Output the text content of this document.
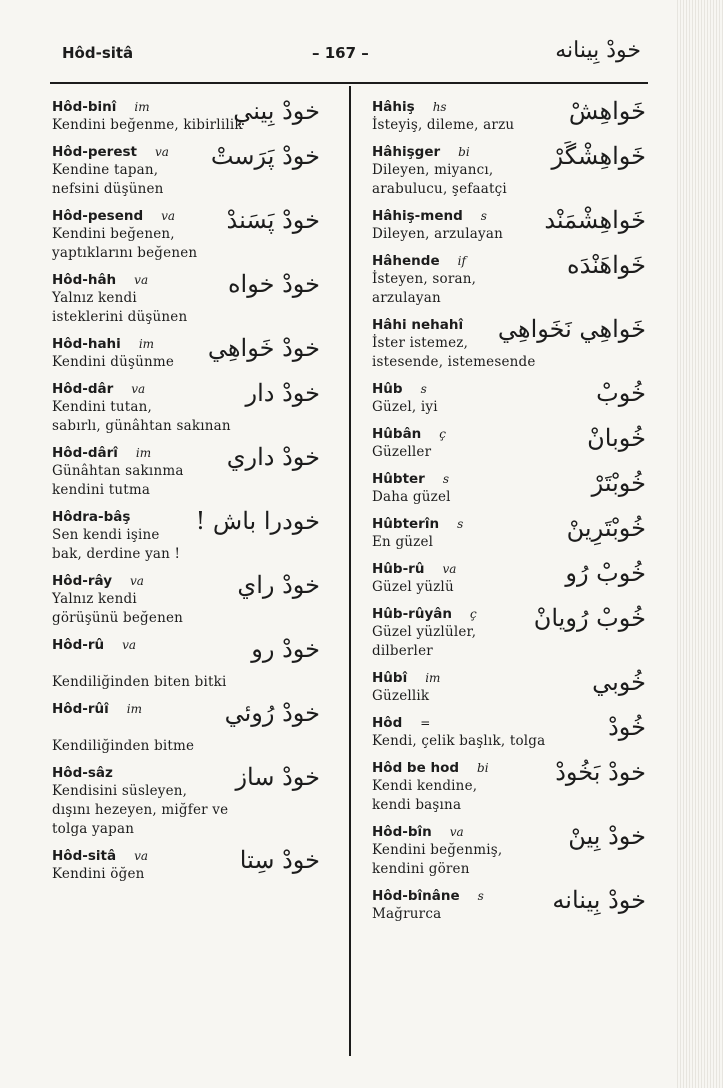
Hôd-sitâ	– 167 –	خودْ بِينانه
Hôd-binî im	خودْ بِيني
Kendini beğenme, kibirlilik
Hôd-perest va	خودْ پَرَستْ
Kendine tapan,
nefsini düşünen
Hôd-pesend va	خودْ پَسَندْ
Kendini beğenen,
yaptıklarını beğenen
Hôd-hâh va	خودْ خواه
Yalnız kendi
isteklerini düşünen
Hôd-hahi im	خودْ خَواهِي
Kendini düşünme
Hôd-dâr va	خودْ دار
Kendini tutan,
sabırlı, günâhtan sakınan
Hôd-dârî im	خودْ داري
Günâhtan sakınma
kendini tutma
Hôdra-bâş	خودرا باش !
Sen kendi işine
bak, derdine yan !
Hôd-rây va	خودْ راي
Yalnız kendi
görüşünü beğenen
Hôd-rû va	خودْ رو

Kendiliğinden biten bitki
Hôd-rûî im	خودْ رُوئي

Kendiliğinden bitme
Hôd-sâz	خودْ ساز
Kendisini süsleyen,
dışını hezeyen, miğfer ve
tolga yapan
Hôd-sitâ va	خودْ سِتا
Kendini öğen
Hâhiş hs	خَواهِشْ
İsteyiş, dileme, arzu
Hâhişger bi	خَواهِشْگَرْ
Dileyen, miyancı,
arabulucu, şefaatçi
Hâhiş-mend s	خَواهِشْمَنْد
Dileyen, arzulayan
Hâhende if	خَواهَنْدَه
İsteyen, soran,
arzulayan
Hâhi nehahî	خَواهِي نَخَواهِي
İster istemez,
istesende, istemesende
Hûb s	خُوبْ
Güzel, iyi
Hûbân ç	خُوبانْ
Güzeller
Hûbter s	خُوبْتَرْ
Daha güzel
Hûbterîn s	خُوبْتَرِينْ
En güzel
Hûb-rû va	خُوبْ رُو
Güzel yüzlü
Hûb-rûyân ç	خُوبْ رُويانْ
Güzel yüzlüler,
dilberler
Hûbî im	خُوبي
Güzellik
Hôd =	خُودْ
Kendi, çelik başlık, tolga
Hôd be hod bi	خودْ بَخُودْ
Kendi kendine,
kendi başına
Hôd-bîn va	خودْ بِينْ
Kendini beğenmiş,
kendini gören
Hôd-bînâne s	خودْ بِينانه
Mağrurca
